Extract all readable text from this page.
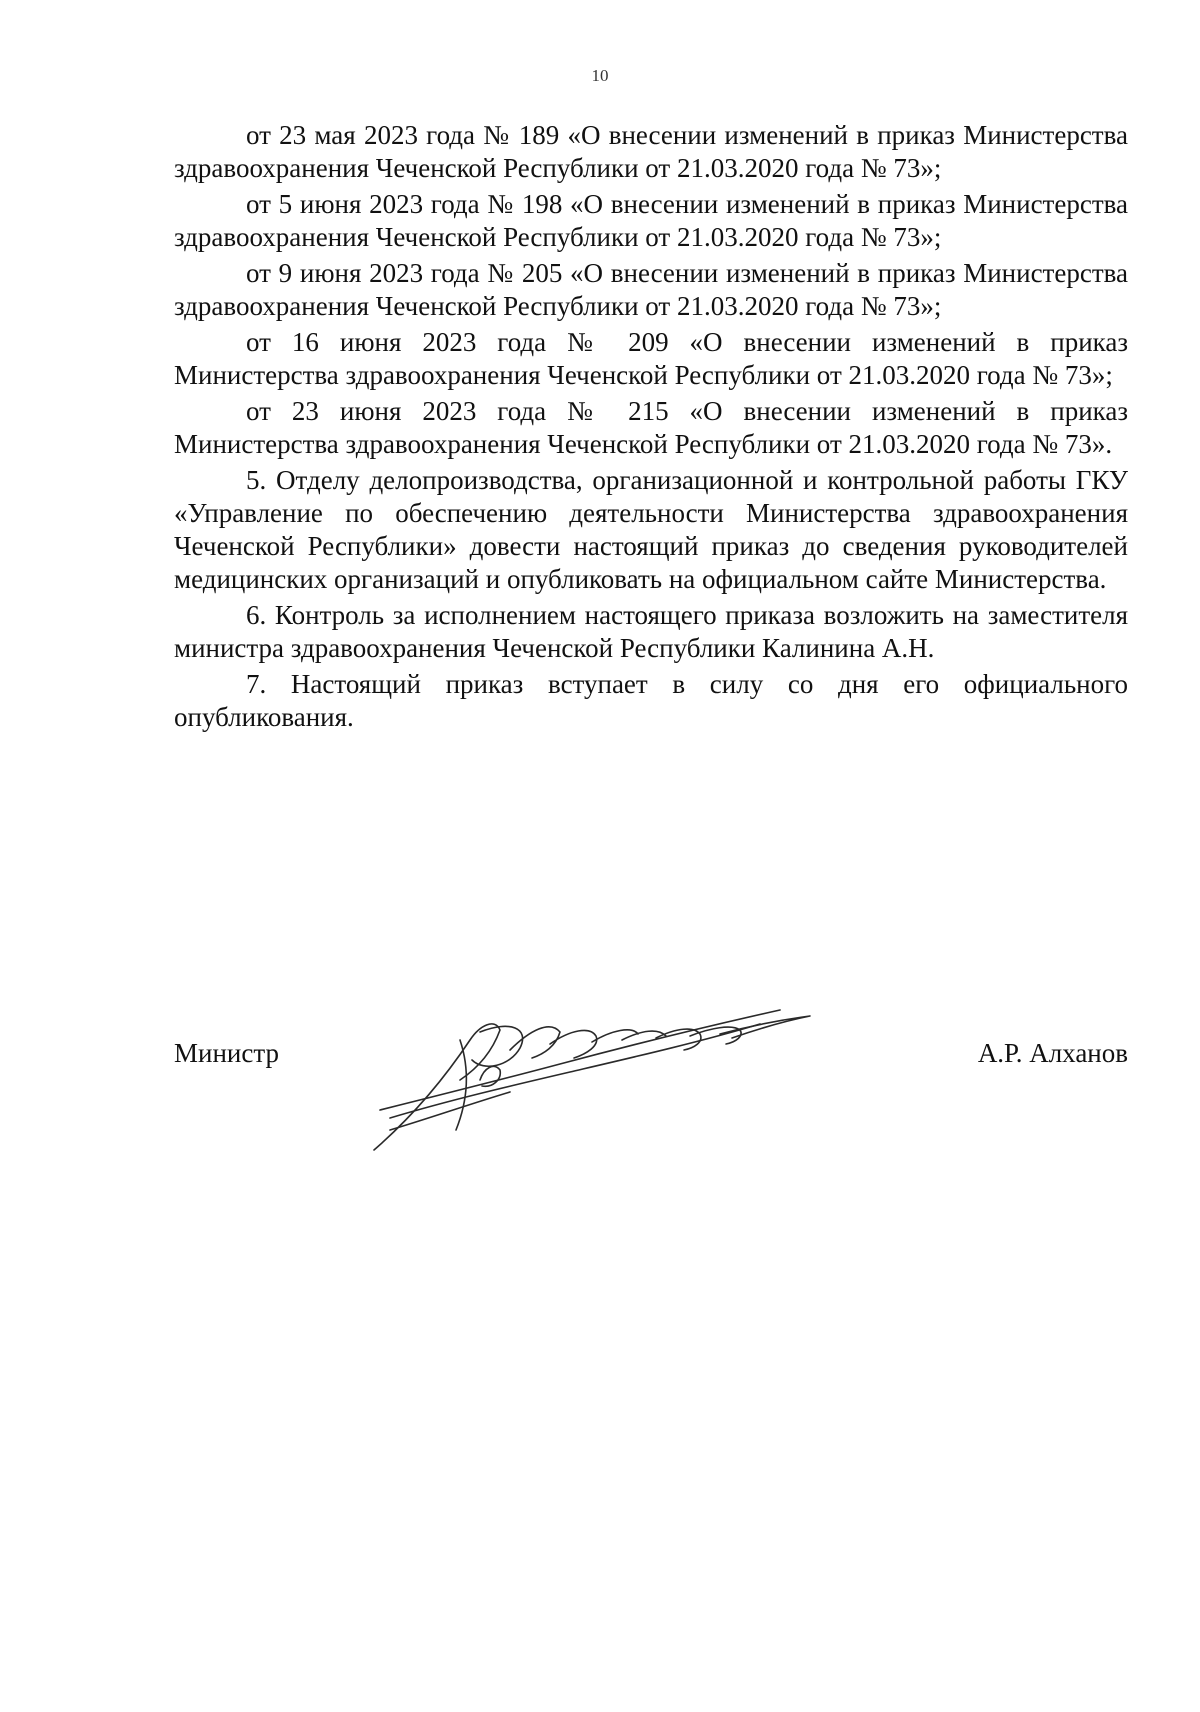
10

от 23 мая 2023 года № 189 «О внесении изменений в приказ Министерства здравоохранения Чеченской Республики от 21.03.2020 года № 73»;

от 5 июня 2023 года № 198 «О внесении изменений в приказ Министерства здравоохранения Чеченской Республики от 21.03.2020 года № 73»;

от 9 июня 2023 года № 205 «О внесении изменений в приказ Министерства здравоохранения Чеченской Республики от 21.03.2020 года № 73»;

от 16 июня 2023 года № 209 «О внесении изменений в приказ Министерства здравоохранения Чеченской Республики от 21.03.2020 года № 73»;

от 23 июня 2023 года № 215 «О внесении изменений в приказ Министерства здравоохранения Чеченской Республики от 21.03.2020 года № 73».

5. Отделу делопроизводства, организационной и контрольной работы ГКУ «Управление по обеспечению деятельности Министерства здравоохранения Чеченской Республики» довести настоящий приказ до сведения руководителей медицинских организаций и опубликовать на официальном сайте Министерства.

6. Контроль за исполнением настоящего приказа возложить на заместителя министра здравоохранения Чеченской Республики Калинина А.Н.

7. Настоящий приказ вступает в силу со дня его официального опубликования.

Министр	А.Р. Алханов
